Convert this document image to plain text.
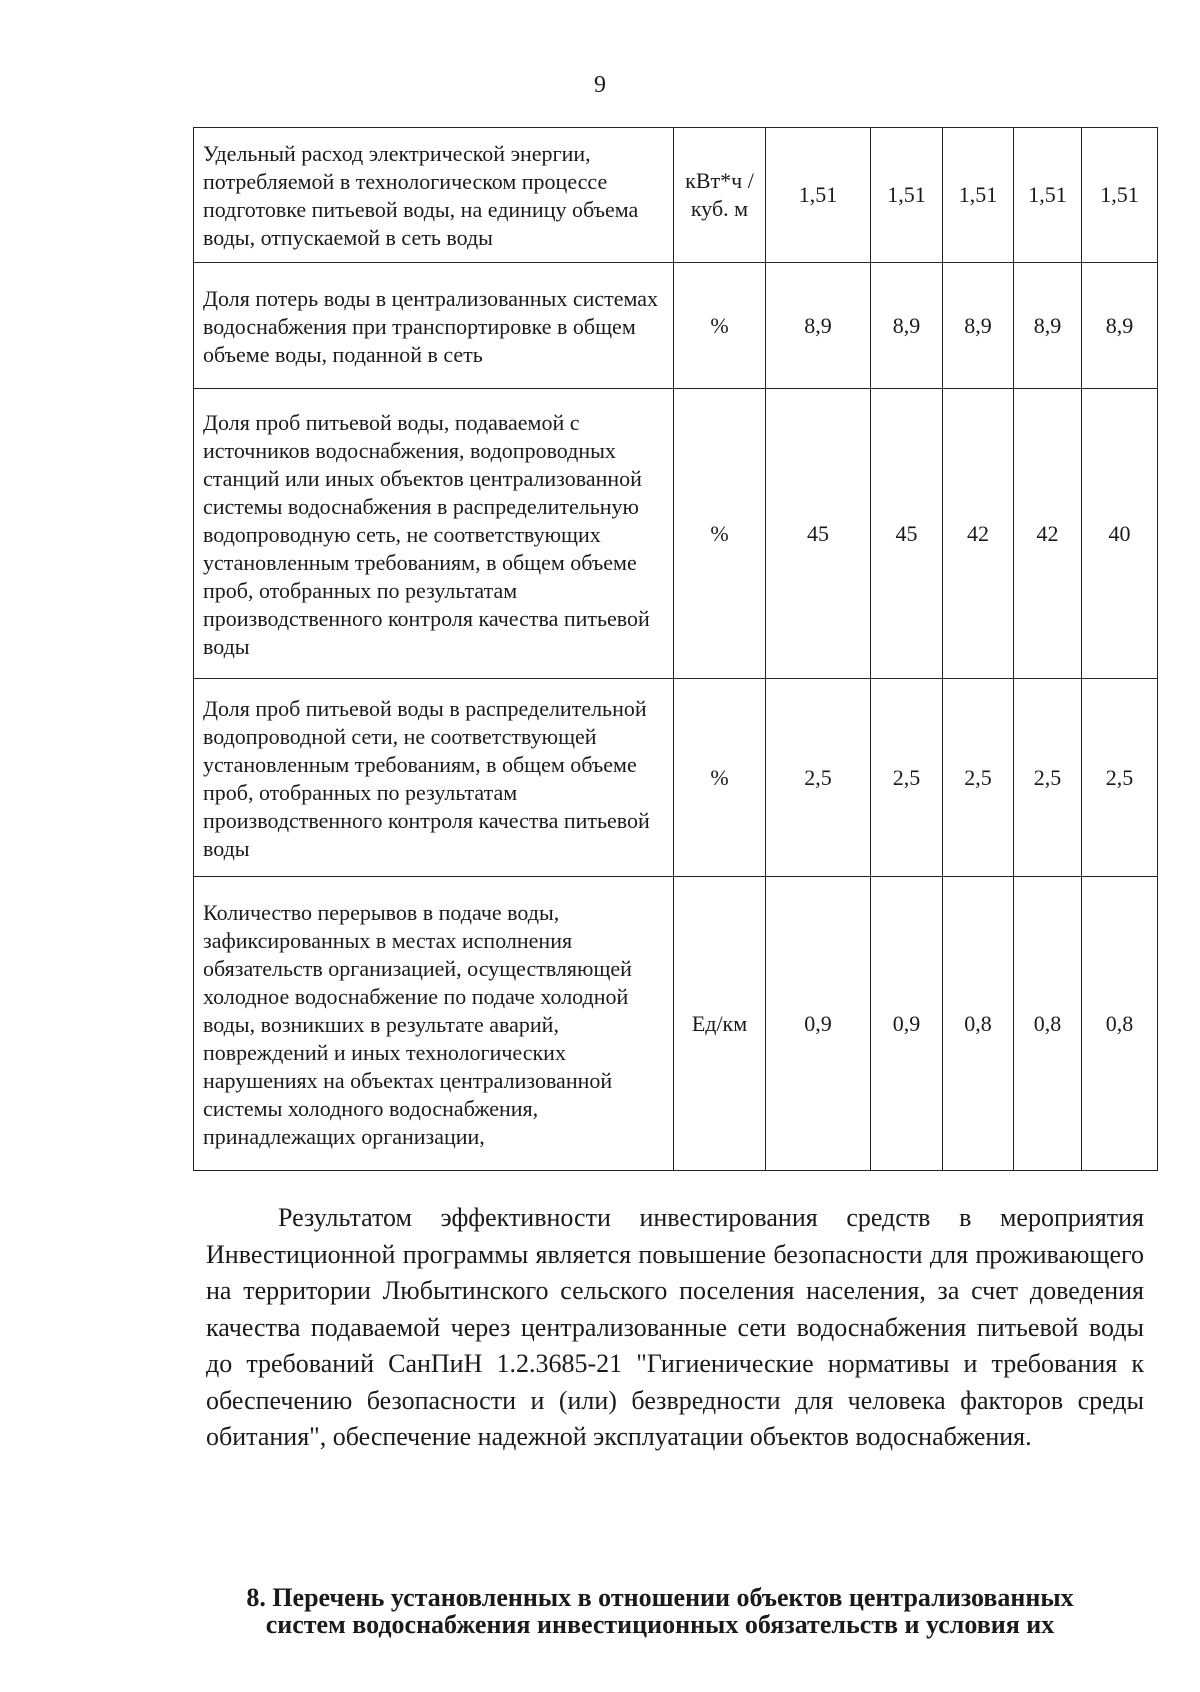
9
Удельный расход электрической энергии, потребляемой в технологическом процессе подготовке питьевой воды, на единицу объема воды, отпускаемой в сеть воды	кВт*ч /куб. м	1,51	1,51	1,51	1,51	1,51
Доля потерь воды в централизованных системах водоснабжения при транспортировке в общем объеме воды, поданной в сеть	%	8,9	8,9	8,9	8,9	8,9
Доля проб питьевой воды, подаваемой с источников водоснабжения, водопроводных станций или иных объектов централизованной системы водоснабжения в распределительную водопроводную сеть, не соответствующих установленным требованиям, в общем объеме проб, отобранных по результатам производственного контроля качества питьевой воды	%	45	45	42	42	40
Доля проб питьевой воды в распределительной водопроводной сети, не соответствующей установленным требованиям, в общем объеме проб, отобранных по результатам производственного контроля качества питьевой воды	%	2,5	2,5	2,5	2,5	2,5
Количество перерывов в подаче воды, зафиксированных в местах исполнения обязательств организацией, осуществляющей холодное водоснабжение по подаче холодной воды, возникших в результате аварий, повреждений и иных технологических нарушениях на объектах централизованной системы холодного водоснабжения, принадлежащих организации,	Ед/км	0,9	0,9	0,8	0,8	0,8

Результатом эффективности инвестирования средств в мероприятия Инвестиционной программы является повышение безопасности для проживающего на территории Любытинского сельского поселения населения, за счет доведения качества подаваемой через централизованные сети водоснабжения питьевой воды до требований СанПиН 1.2.3685-21 "Гигиенические нормативы и требования к обеспечению безопасности и (или) безвредности для человека факторов среды обитания", обеспечение надежной эксплуатации объектов водоснабжения.

8. Перечень установленных в отношении объектов централизованных
систем водоснабжения инвестиционных обязательств и условия их
